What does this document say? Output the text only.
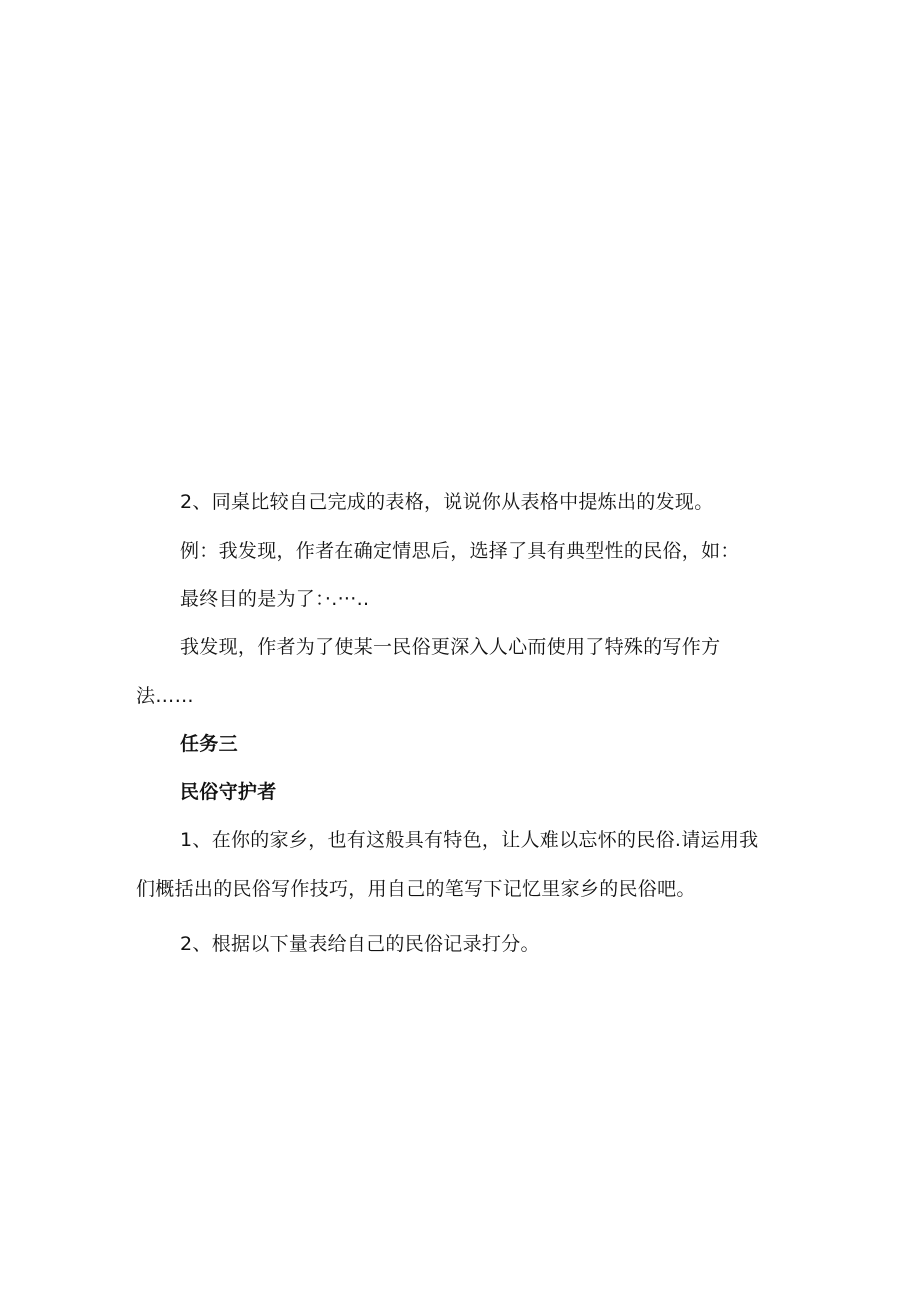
2、同桌比较自己完成的表格，说说你从表格中提炼出的发现。
例：我发现，作者在确定情思后，选择了具有典型性的民俗，如：
最终目的是为了：·.···..
我发现，作者为了使某一民俗更深入人心而使用了特殊的写作方
法……
任务三
民俗守护者
1、在你的家乡，也有这般具有特色，让人难以忘怀的民俗.请运用我
们概括出的民俗写作技巧，用自己的笔写下记忆里家乡的民俗吧。
2、根据以下量表给自己的民俗记录打分。
